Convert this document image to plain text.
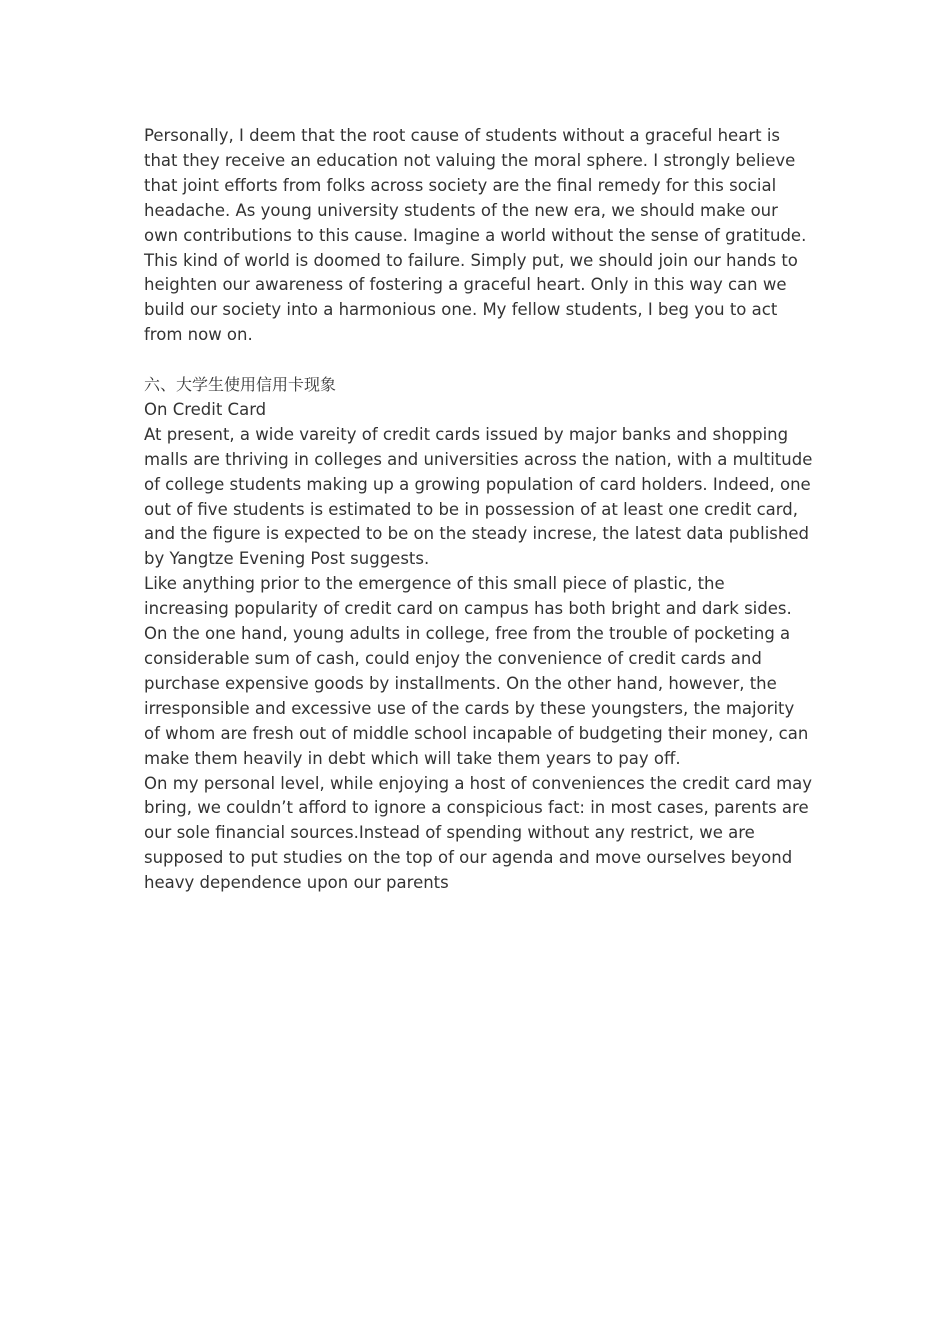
Personally, I deem that the root cause of students without a graceful heart is that they receive an education not valuing the moral sphere. I strongly believe that joint efforts from folks across society are the final remedy for this social headache. As young university students of the new era, we should make our own contributions to this cause. Imagine a world without the sense of gratitude. This kind of world is doomed to failure. Simply put, we should join our hands to heighten our awareness of fostering a graceful heart. Only in this way can we build our society into a harmonious one. My fellow students, I beg you to act from now on.

六、大学生使用信用卡现象

On Credit Card

At present, a wide vareity of credit cards issued by major banks and shopping malls are thriving in colleges and universities across the nation, with a multitude of college students making up a growing population of card holders. Indeed, one out of five students is estimated to be in possession of at least one credit card, and the figure is expected to be on the steady increse, the latest data published by Yangtze Evening Post suggests.

Like anything prior to the emergence of this small piece of plastic, the increasing popularity of credit card on campus has both bright and dark sides. On the one hand, young adults in college, free from the trouble of pocketing a considerable sum of cash, could enjoy the convenience of credit cards and purchase expensive goods by installments. On the other hand, however, the irresponsible and excessive use of the cards by these youngsters, the majority of whom are fresh out of middle school incapable of budgeting their money, can make them heavily in debt which will take them years to pay off.

On my personal level, while enjoying a host of conveniences the credit card may bring, we couldn’t afford to ignore a conspicious fact: in most cases, parents are our sole financial sources.Instead of spending without any restrict, we are supposed to put studies on the top of our agenda and move ourselves beyond heavy dependence upon our parents
